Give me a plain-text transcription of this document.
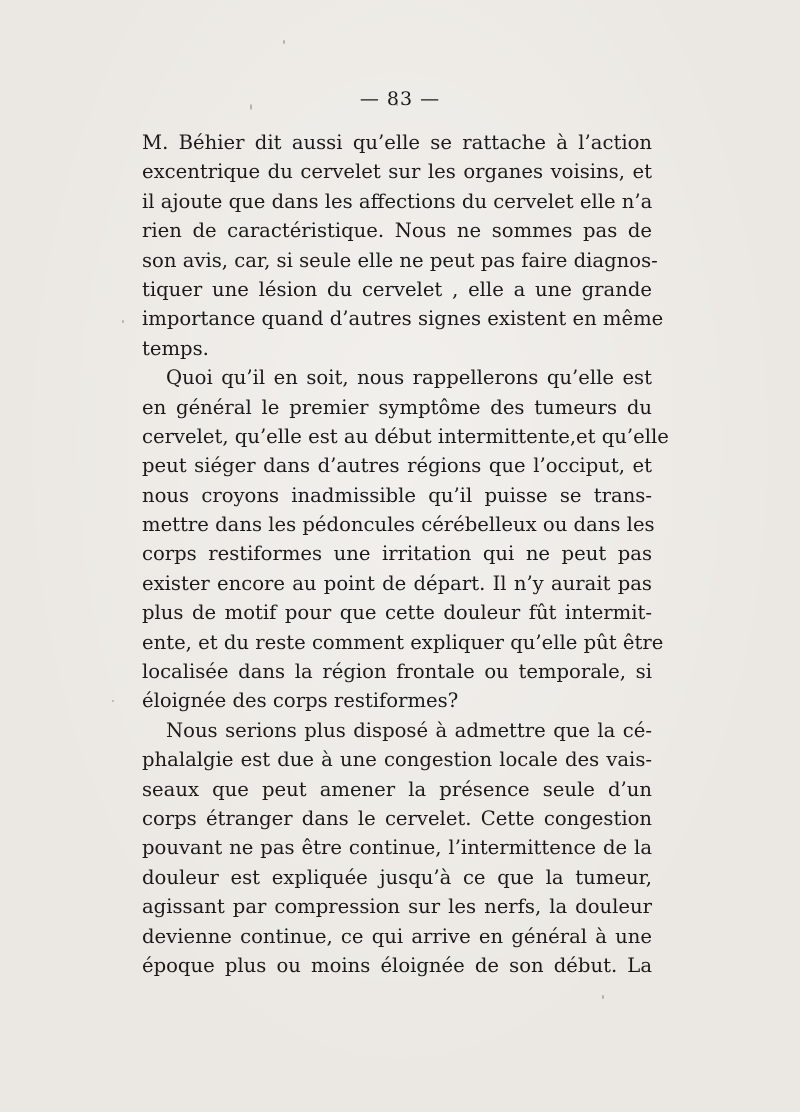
— 83 —
M. Béhier dit aussi qu’elle se rattache à l’action
excentrique du cervelet sur les organes voisins, et
il ajoute que dans les affections du cervelet elle n’a
rien de caractéristique. Nous ne sommes pas de
son avis, car, si seule elle ne peut pas faire diagnos-
tiquer une lésion du cervelet , elle a une grande
importance quand d’autres signes existent en même
temps.
Quoi qu’il en soit, nous rappellerons qu’elle est
en général le premier symptôme des tumeurs du
cervelet, qu’elle est au début intermittente,et qu’elle
peut siéger dans d’autres régions que l’occiput, et
nous croyons inadmissible qu’il puisse se trans-
mettre dans les pédoncules cérébelleux ou dans les
corps restiformes une irritation qui ne peut pas
exister encore au point de départ. Il n’y aurait pas
plus de motif pour que cette douleur fût intermit-
ente, et du reste comment expliquer qu’elle pût être
localisée dans la région frontale ou temporale, si
éloignée des corps restiformes?
Nous serions plus disposé à admettre que la cé-
phalalgie est due à une congestion locale des vais-
seaux que peut amener la présence seule d’un
corps étranger dans le cervelet. Cette congestion
pouvant ne pas être continue, l’intermittence de la
douleur est expliquée jusqu’à ce que la tumeur,
agissant par compression sur les nerfs, la douleur
devienne continue, ce qui arrive en général à une
époque plus ou moins éloignée de son début. La
